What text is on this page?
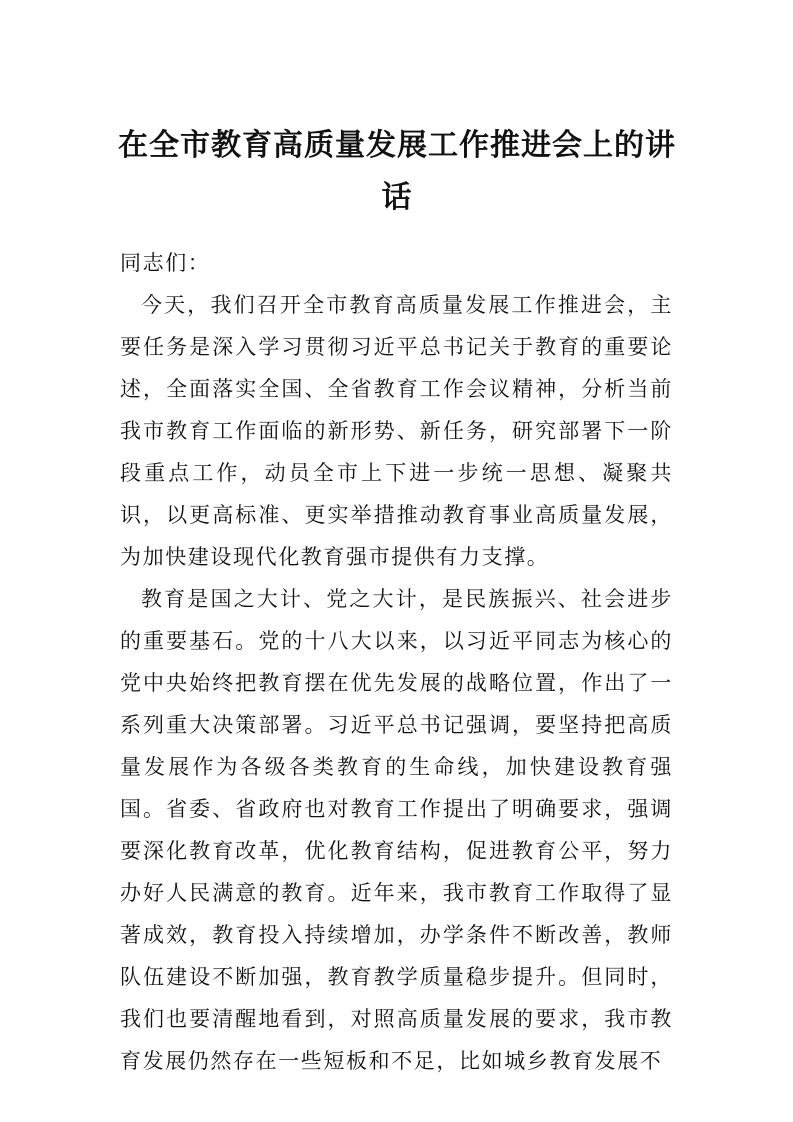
在全市教育高质量发展工作推进会上的讲话

同志们：

今天，我们召开全市教育高质量发展工作推进会，主要任务是深入学习贯彻习近平总书记关于教育的重要论述，全面落实全国、全省教育工作会议精神，分析当前我市教育工作面临的新形势、新任务，研究部署下一阶段重点工作，动员全市上下进一步统一思想、凝聚共识，以更高标准、更实举措推动教育事业高质量发展，为加快建设现代化教育强市提供有力支撑。

教育是国之大计、党之大计，是民族振兴、社会进步的重要基石。党的十八大以来，以习近平同志为核心的党中央始终把教育摆在优先发展的战略位置，作出了一系列重大决策部署。习近平总书记强调，要坚持把高质量发展作为各级各类教育的生命线，加快建设教育强国。省委、省政府也对教育工作提出了明确要求，强调要深化教育改革，优化教育结构，促进教育公平，努力办好人民满意的教育。近年来，我市教育工作取得了显著成效，教育投入持续增加，办学条件不断改善，教师队伍建设不断加强，教育教学质量稳步提升。但同时，我们也要清醒地看到，对照高质量发展的要求，我市教育发展仍然存在一些短板和不足，比如城乡教育发展不
